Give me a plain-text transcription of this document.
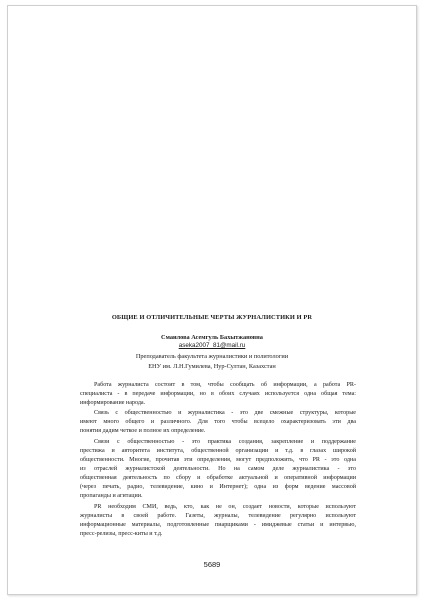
ОБЩИЕ И ОТЛИЧИТЕЛЬНЫЕ ЧЕРТЫ ЖУРНАЛИСТИКИ И PR
Смаилова Асемгуль Бахытжановна
aseka2007_81@mail.ru
Преподаватель факультета журналистики и политологии
ЕНУ им. Л.Н.Гумилева, Нур-Султан, Казахстан
Работа журналиста состоит в том, чтобы сообщать об информации, а работа PR-
специалиста - в передаче информации, но в обоих случаях используется одна общая тема:
информирование народа.
Связь с общественностью и журналистика - это две смежные структуры, которые
имеют много общего и различного. Для того чтобы всецело охарактеризовать эти два
понятия дадим четкое и полное их определение.
Связи с общественностью - это практика создания, закрепление и поддержание
престижа и авторитета института, общественной организации и т.д. в глазах широкой
общественности. Многие, прочитав эти определения, могут предположить, что PR - это одна
из отраслей журналистской деятельности. Но на самом деле журналистика - это
общественная деятельность по сбору и обработке актуальной и оперативной информации
(через печать, радио, телевидение, кино и Интернет); одна из форм ведение массовой
пропаганды и агитации.
PR необходим СМИ, ведь, кто, как не он, создает новости, которые используют
журналисты в своей работе. Газеты, журналы, телевидение регулярно используют
информационные материалы, подготовленные пиарщиками - имиджевые статьи и интервью,
пресс-релизы, пресс-киты и т.д.
5689
